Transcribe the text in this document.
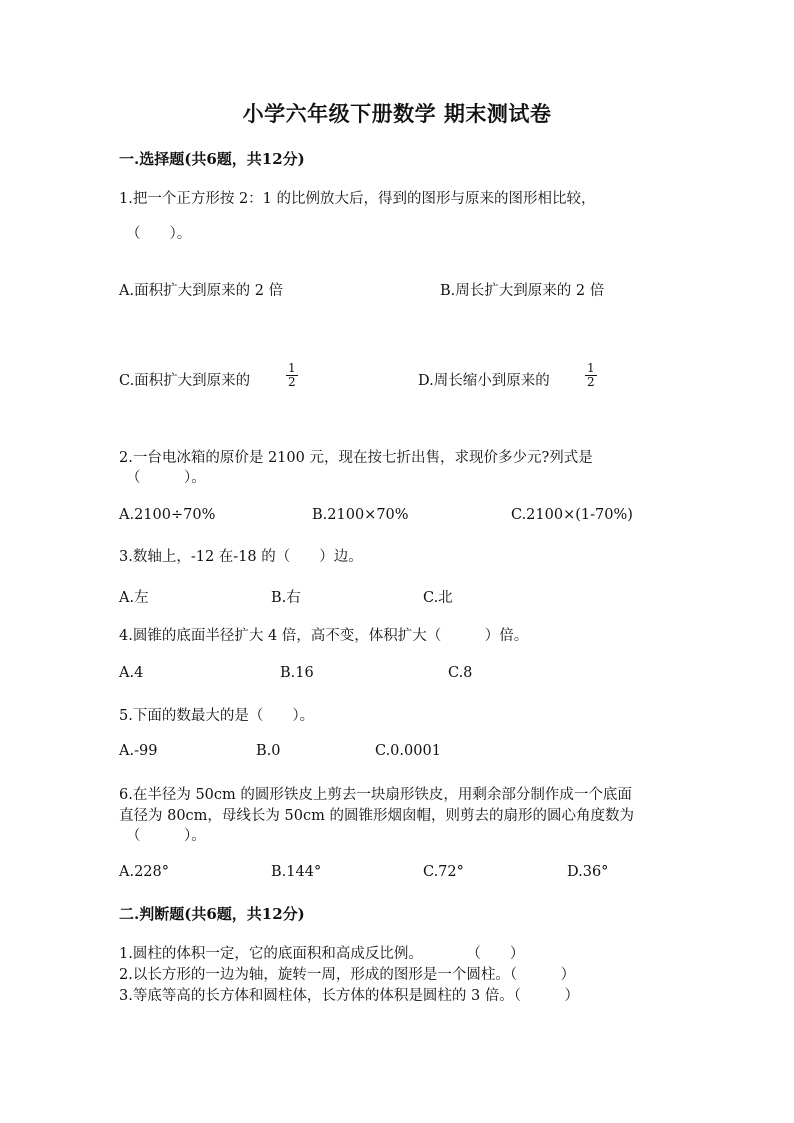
小学六年级下册数学 期末测试卷
一.选择题(共6题，共12分)
1.把一个正方形按 2：1 的比例放大后，得到的图形与原来的图形相比较，
（　　）。
A.面积扩大到原来的 2 倍	B.周长扩大到原来的 2 倍
C.面积扩大到原来的	$\frac{1}{2}$	D.周长缩小到原来的	$\frac{1}{2}$
2.一台电冰箱的原价是 2100 元，现在按七折出售，求现价多少元?列式是
（　　　）。
A.2100÷70%	B.2100×70%	C.2100×(1-70%)
3.数轴上，-12 在-18 的（　　）边。
A.左	B.右	C.北
4.圆锥的底面半径扩大 4 倍，高不变，体积扩大（　　　）倍。
A.4	B.16	C.8
5.下面的数最大的是（　　）。
A.-99	B.0	C.0.0001
6.在半径为 50cm 的圆形铁皮上剪去一块扇形铁皮，用剩余部分制作成一个底面
直径为 80cm，母线长为 50cm 的圆锥形烟囱帽，则剪去的扇形的圆心角度数为
（　　　）。
A.228°	B.144°	C.72°	D.36°
二.判断题(共6题，共12分)
1.圆柱的体积一定，它的底面积和高成反比例。　　　　（　　）
2.以长方形的一边为轴，旋转一周，形成的图形是一个圆柱。（　　　）
3.等底等高的长方体和圆柱体，长方体的体积是圆柱的 3 倍。（　　　）
